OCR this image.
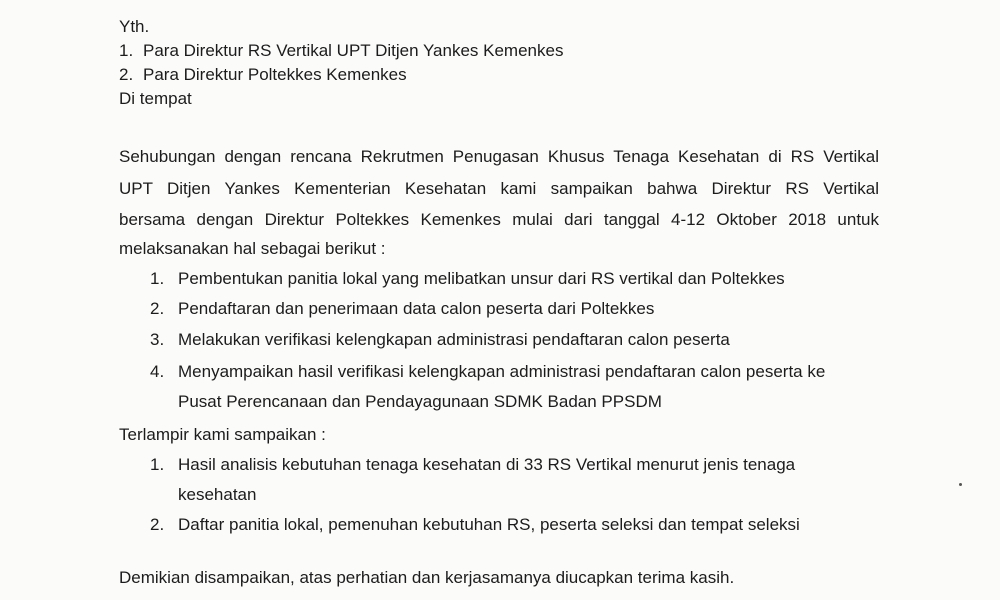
Yth.
1. Para Direktur RS Vertikal UPT Ditjen Yankes Kemenkes
2. Para Direktur Poltekkes Kemenkes
Di tempat
Sehubungan dengan rencana Rekrutmen Penugasan Khusus Tenaga Kesehatan di RS Vertikal
UPT Ditjen Yankes Kementerian Kesehatan kami sampaikan bahwa Direktur RS Vertikal
bersama dengan Direktur Poltekkes Kemenkes mulai dari tanggal 4-12 Oktober 2018 untuk
melaksanakan hal sebagai berikut :
1. Pembentukan panitia lokal yang melibatkan unsur dari RS vertikal dan Poltekkes
2. Pendaftaran dan penerimaan data calon peserta dari Poltekkes
3. Melakukan verifikasi kelengkapan administrasi pendaftaran calon peserta
4. Menyampaikan hasil verifikasi kelengkapan administrasi pendaftaran calon peserta ke
Pusat Perencanaan dan Pendayagunaan SDMK Badan PPSDM
Terlampir kami sampaikan :
1. Hasil analisis kebutuhan tenaga kesehatan di 33 RS Vertikal menurut jenis tenaga
kesehatan
2. Daftar panitia lokal, pemenuhan kebutuhan RS, peserta seleksi dan tempat seleksi
Demikian disampaikan, atas perhatian dan kerjasamanya diucapkan terima kasih.
